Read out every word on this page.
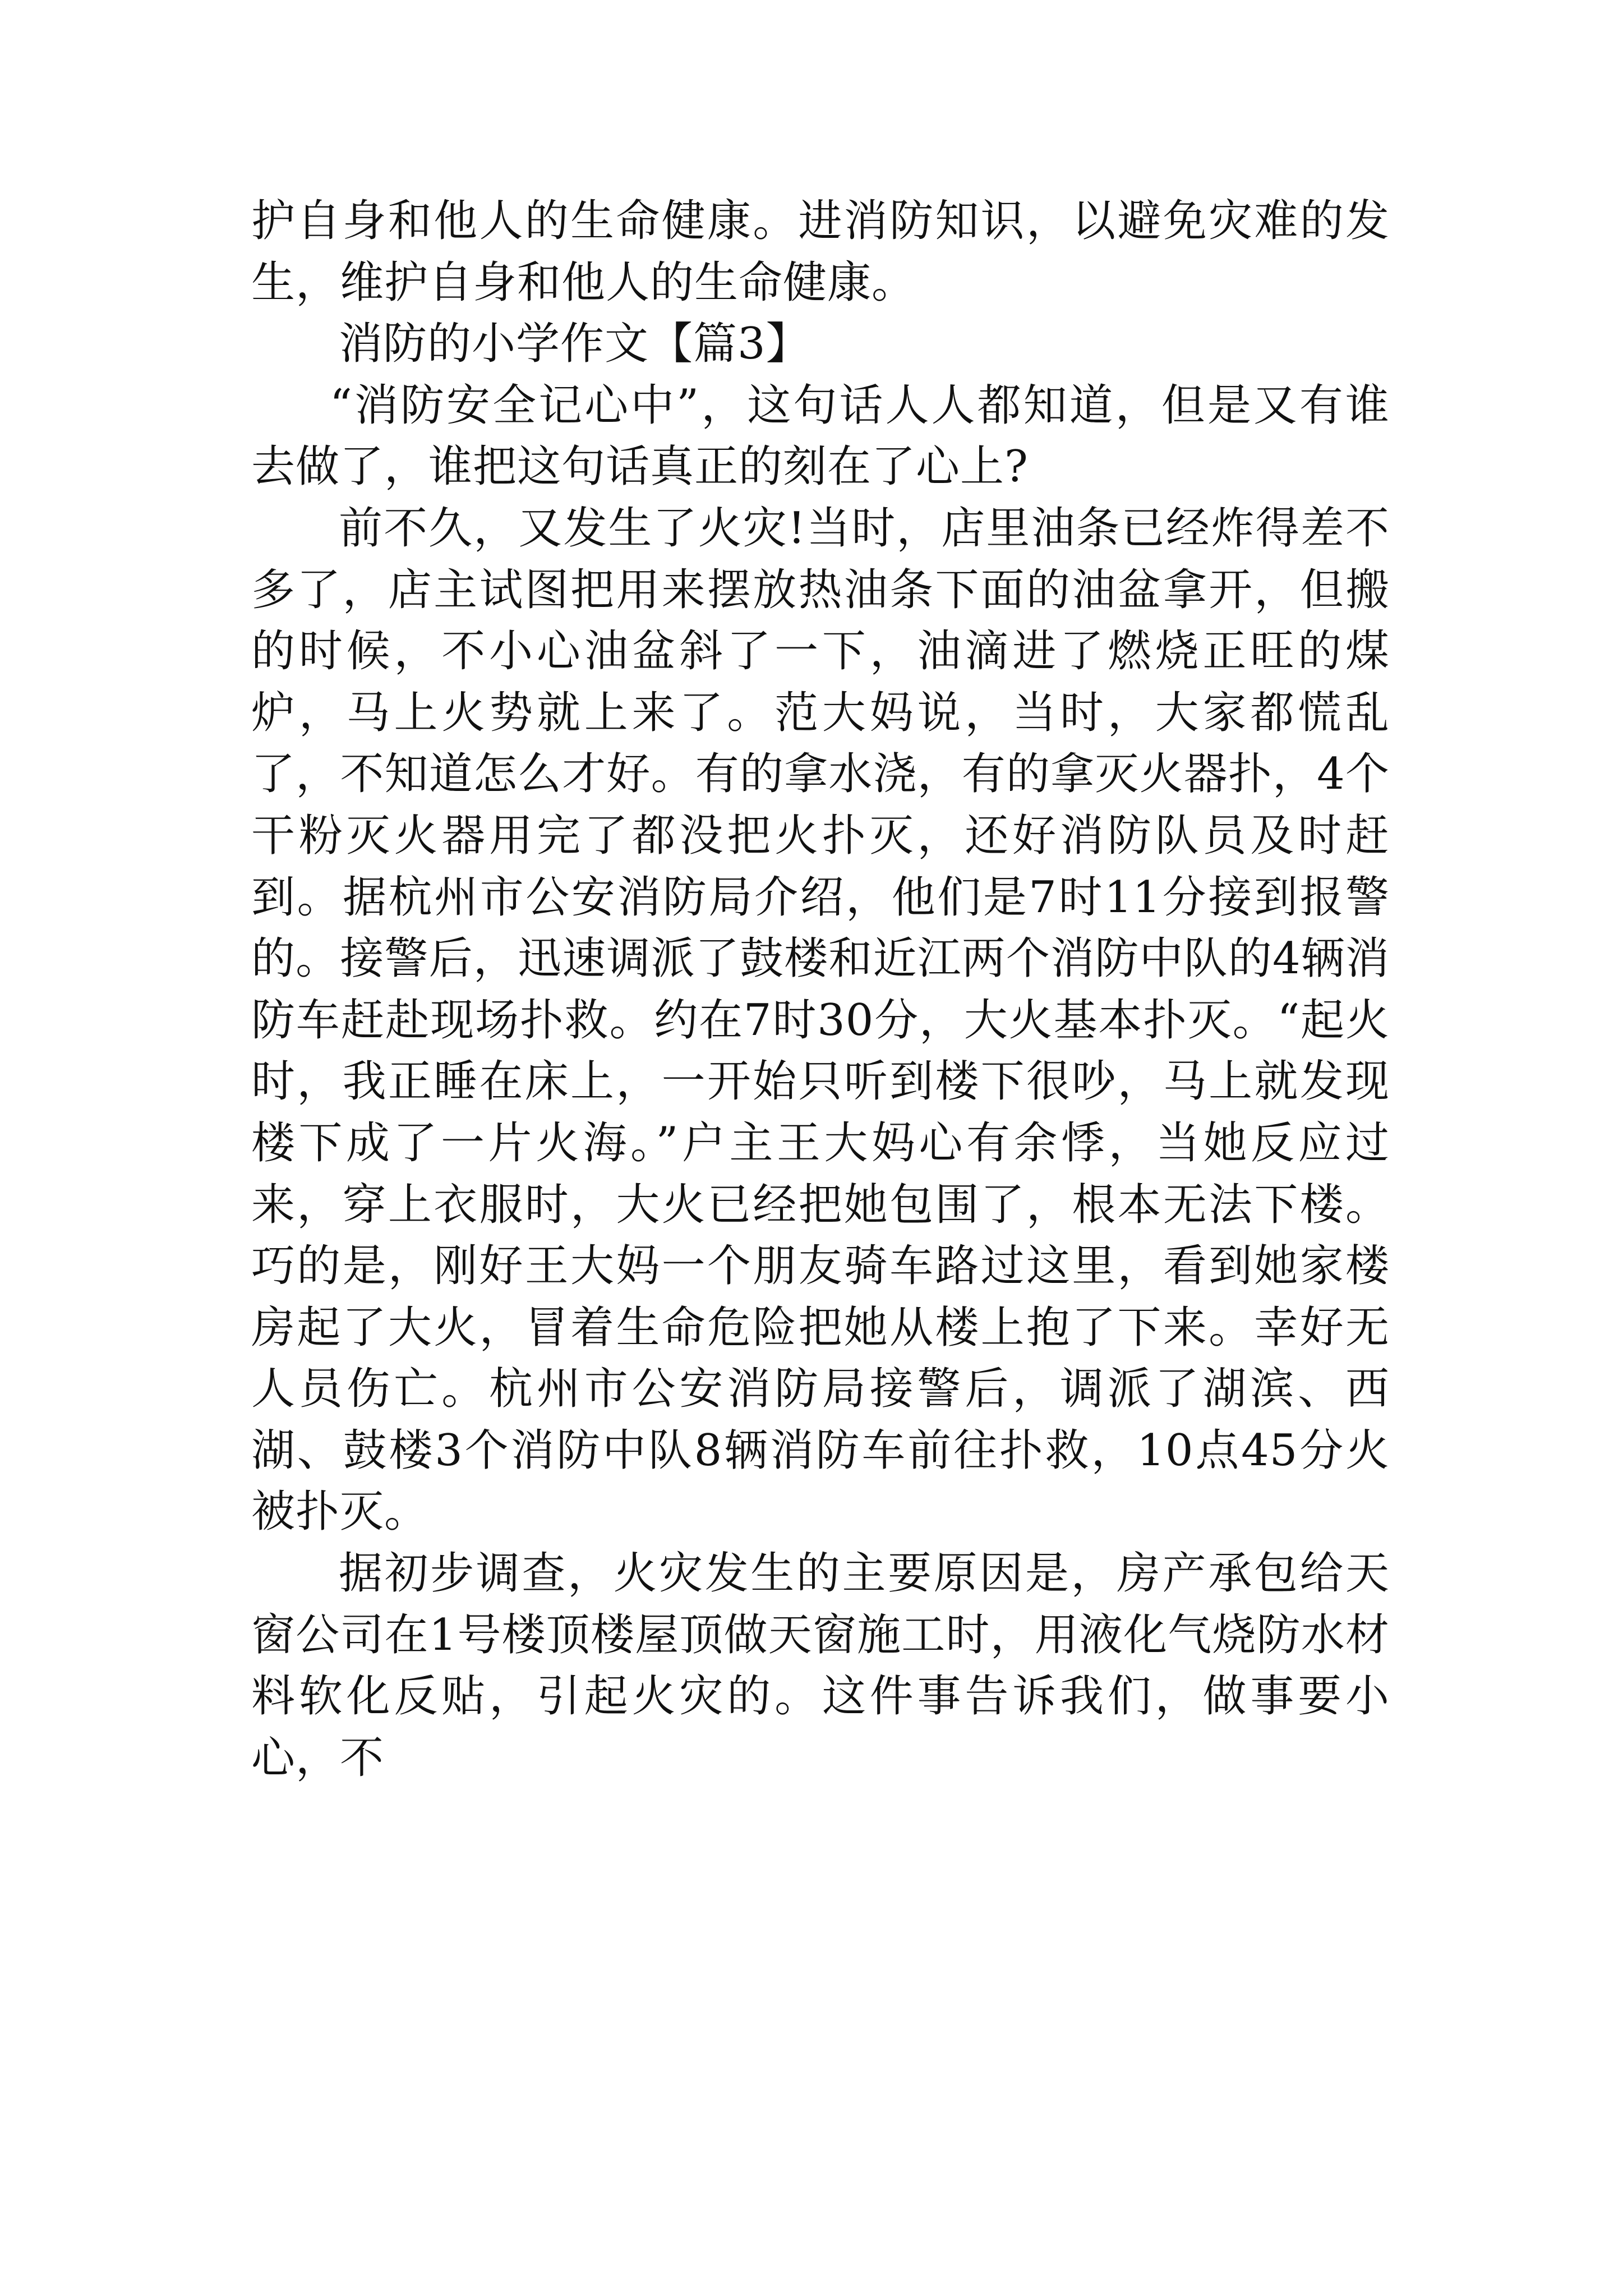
护自身和他人的生命健康。进消防知识，以避免灾难的发生，维护自身和他人的生命健康。

消防的小学作文【篇3】

“消防安全记心中”，这句话人人都知道，但是又有谁去做了，谁把这句话真正的刻在了心上?

前不久，又发生了火灾!当时，店里油条已经炸得差不多了，店主试图把用来摆放热油条下面的油盆拿开，但搬的时候，不小心油盆斜了一下，油滴进了燃烧正旺的煤炉，马上火势就上来了。范大妈说，当时，大家都慌乱了，不知道怎么才好。有的拿水浇，有的拿灭火器扑，4个干粉灭火器用完了都没把火扑灭，还好消防队员及时赶到。据杭州市公安消防局介绍，他们是7时11分接到报警的。接警后，迅速调派了鼓楼和近江两个消防中队的4辆消防车赶赴现场扑救。约在7时30分，大火基本扑灭。“起火时，我正睡在床上，一开始只听到楼下很吵，马上就发现楼下成了一片火海。”户主王大妈心有余悸，当她反应过来，穿上衣服时，大火已经把她包围了，根本无法下楼。巧的是，刚好王大妈一个朋友骑车路过这里，看到她家楼房起了大火，冒着生命危险把她从楼上抱了下来。幸好无人员伤亡。杭州市公安消防局接警后，调派了湖滨、西湖、鼓楼3个消防中队8辆消防车前往扑救，10点45分火被扑灭。

据初步调查，火灾发生的主要原因是，房产承包给天窗公司在1号楼顶楼屋顶做天窗施工时，用液化气烧防水材料软化反贴，引起火灾的。这件事告诉我们，做事要小心，不
